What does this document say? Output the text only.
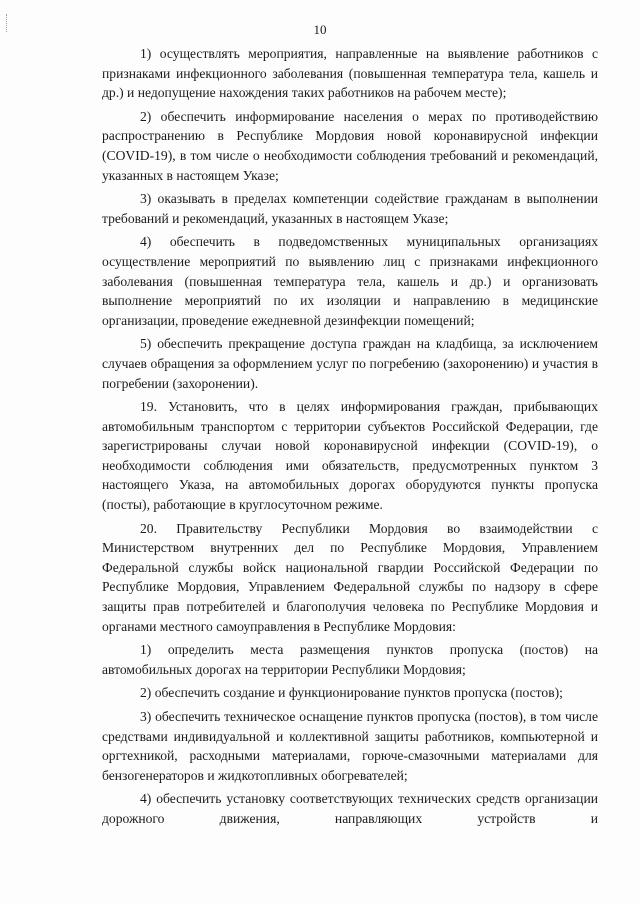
10

1) осуществлять мероприятия, направленные на выявление работников с признаками инфекционного заболевания (повышенная температура тела, кашель и др.) и недопущение нахождения таких работников на рабочем месте);

2) обеспечить информирование населения о мерах по противодействию распространению в Республике Мордовия новой коронавирусной инфекции (COVID-19), в том числе о необходимости соблюдения требований и рекомендаций, указанных в настоящем Указе;

3) оказывать в пределах компетенции содействие гражданам в выполнении требований и рекомендаций, указанных в настоящем Указе;

4) обеспечить в подведомственных муниципальных организациях осуществление мероприятий по выявлению лиц с признаками инфекционного заболевания (повышенная температура тела, кашель и др.) и организовать выполнение мероприятий по их изоляции и направлению в медицинские организации, проведение ежедневной дезинфекции помещений;

5) обеспечить прекращение доступа граждан на кладбища, за исключением случаев обращения за оформлением услуг по погребению (захоронению) и участия в погребении (захоронении).

19. Установить, что в целях информирования граждан, прибывающих автомобильным транспортом с территории субъектов Российской Федерации, где зарегистрированы случаи новой коронавирусной инфекции (COVID-19), о необходимости соблюдения ими обязательств, предусмотренных пунктом 3 настоящего Указа, на автомобильных дорогах оборудуются пункты пропуска (посты), работающие в круглосуточном режиме.

20. Правительству Республики Мордовия во взаимодействии с Министерством внутренних дел по Республике Мордовия, Управлением Федеральной службы войск национальной гвардии Российской Федерации по Республике Мордовия, Управлением Федеральной службы по надзору в сфере защиты прав потребителей и благополучия человека по Республике Мордовия и органами местного самоуправления в Республике Мордовия:

1) определить места размещения пунктов пропуска (постов) на автомобильных дорогах на территории Республики Мордовия;

2) обеспечить создание и функционирование пунктов пропуска (постов);

3) обеспечить техническое оснащение пунктов пропуска (постов), в том числе средствами индивидуальной и коллективной защиты работников, компьютерной и оргтехникой, расходными материалами, горюче-смазочными материалами для бензогенераторов и жидкотопливных обогревателей;

4) обеспечить установку соответствующих технических средств организации дорожного движения, направляющих устройств и
